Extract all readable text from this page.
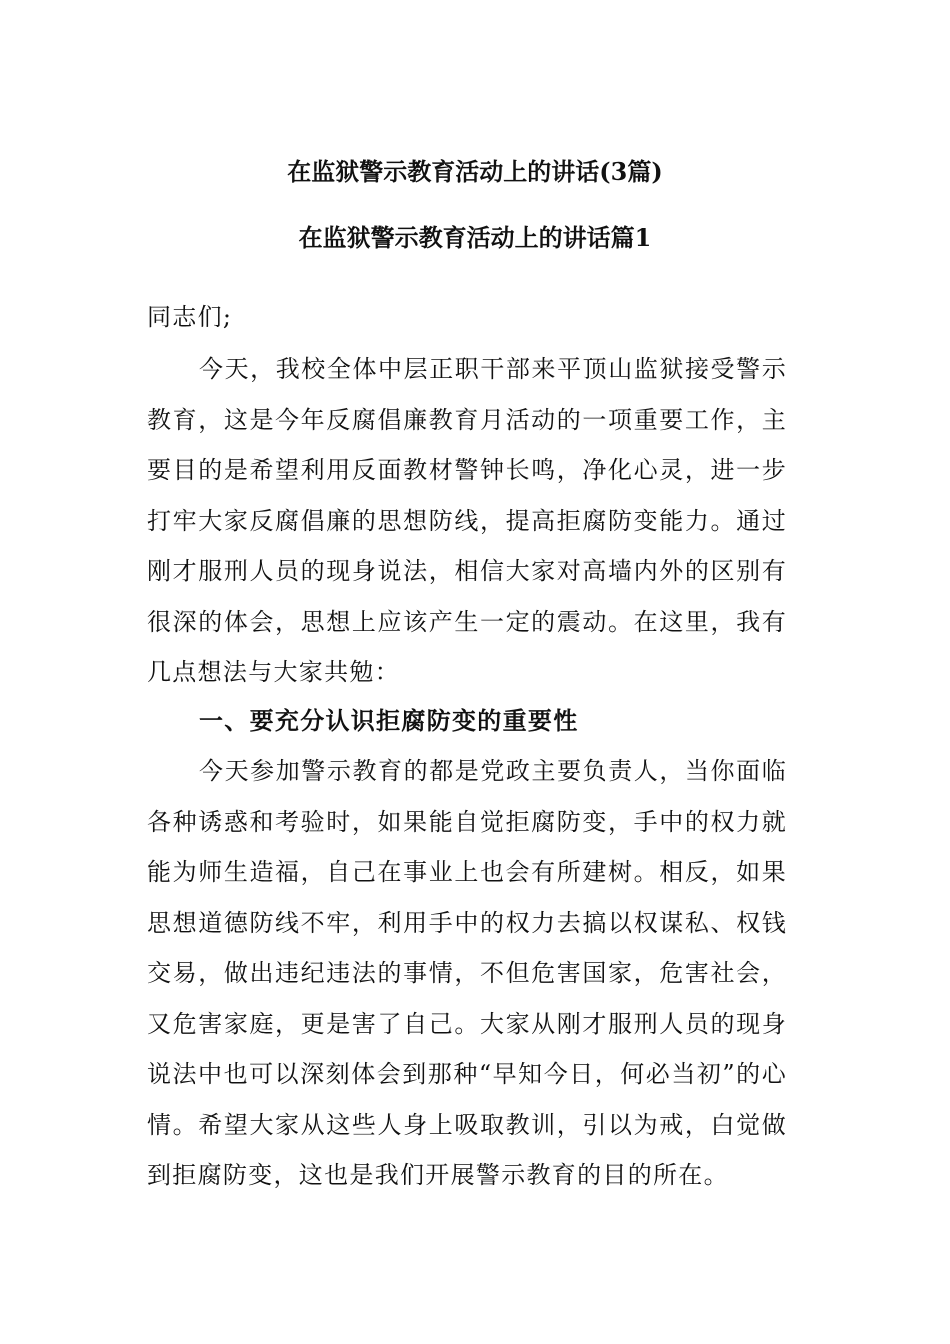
在监狱警示教育活动上的讲话(3篇)
在监狱警示教育活动上的讲话篇1

同志们;

今天，我校全体中层正职干部来平顶山监狱接受警示教育，这是今年反腐倡廉教育月活动的一项重要工作，主要目的是希望利用反面教材警钟长鸣，净化心灵，进一步打牢大家反腐倡廉的思想防线，提高拒腐防变能力。通过刚才服刑人员的现身说法，相信大家对高墙内外的区别有很深的体会，思想上应该产生一定的震动。在这里，我有几点想法与大家共勉：

一、要充分认识拒腐防变的重要性

今天参加警示教育的都是党政主要负责人，当你面临各种诱惑和考验时，如果能自觉拒腐防变，手中的权力就能为师生造福，自己在事业上也会有所建树。相反，如果思想道德防线不牢，利用手中的权力去搞以权谋私、权钱交易，做出违纪违法的事情，不但危害国家，危害社会，又危害家庭，更是害了自己。大家从刚才服刑人员的现身说法中也可以深刻体会到那种“早知今日，何必当初”的心情。希望大家从这些人身上吸取教训，引以为戒，白觉做到拒腐防变，这也是我们开展警示教育的目的所在。
